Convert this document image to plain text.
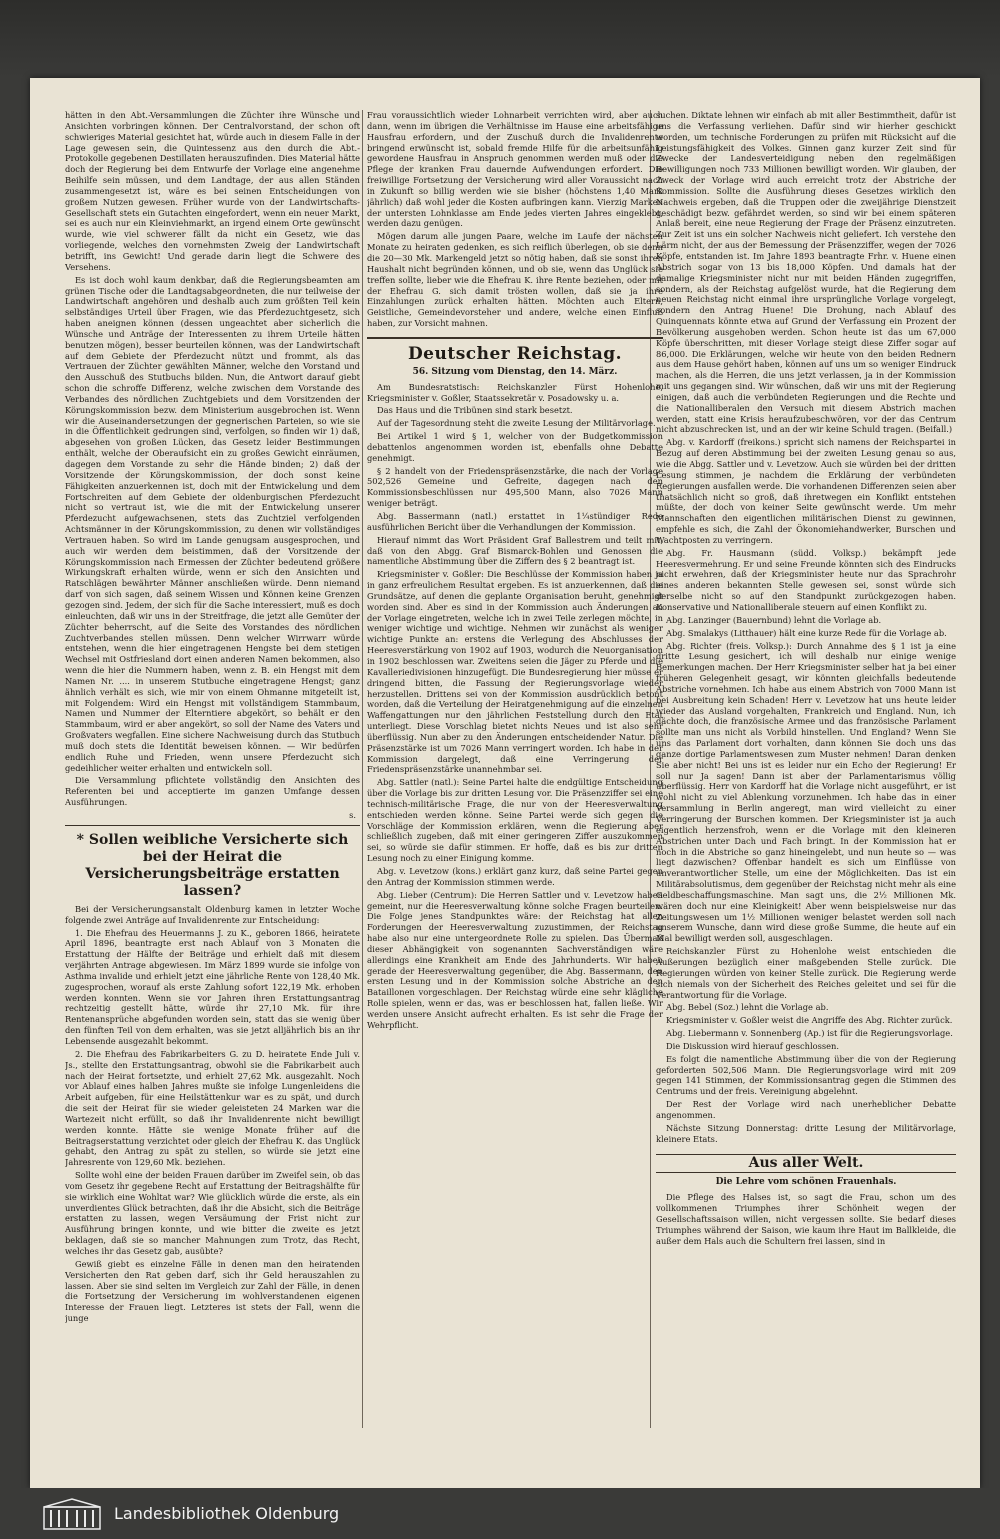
hätten in den Abt.-Versammlungen die Züchter ihre Wünsche und Ansichten vorbringen können. Der Centralvorstand, der schon oft schwieriges Material gesichtet hat, würde auch in diesem Falle in der Lage gewesen sein, die Quintessenz aus den durch die Abt.-Protokolle gegebenen Destillaten herauszufinden. Dies Material hätte doch der Regierung bei dem Entwurfe der Vorlage eine angenehme Beihilfe sein müssen, und dem Landtage, der aus allen Ständen zusammengesetzt ist, wäre es bei seinen Entscheidungen von großem Nutzen gewesen. Früher wurde von der Landwirtschafts-Gesellschaft stets ein Gutachten eingefordert, wenn ein neuer Markt, sei es auch nur ein Kleinviehmarkt, an irgend einem Orte gewünscht wurde, wie viel schwerer fällt da nicht ein Gesetz, wie das vorliegende, welches den vornehmsten Zweig der Landwirtschaft betrifft, ins Gewicht! Und gerade darin liegt die Schwere des Versehens.

Es ist doch wohl kaum denkbar, daß die Regierungsbeamten am grünen Tische oder die Landtagsabgeordneten, die nur teilweise der Landwirtschaft angehören und deshalb auch zum größten Teil kein selbständiges Urteil über Fragen, wie das Pferdezuchtgesetz, sich haben aneignen können (dessen ungeachtet aber sicherlich die Wünsche und Anträge der Interessenten zu ihrem Urteile hätten benutzen mögen), besser beurteilen können, was der Landwirtschaft auf dem Gebiete der Pferdezucht nützt und frommt, als das Vertrauen der Züchter gewählten Männer, welche den Vorstand und den Ausschuß des Stutbuchs bilden. Nun, die Antwort darauf giebt schon die schroffe Differenz, welche zwischen dem Vorstande des Verbandes des nördlichen Zuchtgebiets und dem Vorsitzenden der Körungskommission bezw. dem Ministerium ausgebrochen ist. Wenn wir die Auseinandersetzungen der gegnerischen Parteien, so wie sie in die Öffentlichkeit gedrungen sind, verfolgen, so finden wir 1) daß, abgesehen von großen Lücken, das Gesetz leider Bestimmungen enthält, welche der Oberaufsicht ein zu großes Gewicht einräumen, dagegen dem Vorstande zu sehr die Hände binden; 2) daß der Vorsitzende der Körungskommission, der doch sonst keine Fähigkeiten anzuerkennen ist, doch mit der Entwickelung und dem Fortschreiten auf dem Gebiete der oldenburgischen Pferdezucht nicht so vertraut ist, wie die mit der Entwickelung unserer Pferdezucht aufgewachsenen, stets das Zuchtziel verfolgenden Achtsmänner in der Körungskommission, zu denen wir vollständiges Vertrauen haben. So wird im Lande genugsam ausgesprochen, und auch wir werden dem beistimmen, daß der Vorsitzende der Körungskommission nach Ermessen der Züchter bedeutend größere Wirkungskraft erhalten würde, wenn er sich den Ansichten und Ratschlägen bewährter Männer anschließen würde. Denn niemand darf von sich sagen, daß seinem Wissen und Können keine Grenzen gezogen sind. Jedem, der sich für die Sache interessiert, muß es doch einleuchten, daß wir uns in der Streitfrage, die jetzt alle Gemüter der Züchter beherrscht, auf die Seite des Vorstandes des nördlichen Zuchtverbandes stellen müssen. Denn welcher Wirrwarr würde entstehen, wenn die hier eingetragenen Hengste bei dem stetigen Wechsel mit Ostfriesland dort einen anderen Namen bekommen, also wenn die hier die Nummern haben, wenn z. B. ein Hengst mit dem Namen Nr. .... in unserem Stutbuche eingetragene Hengst; ganz ähnlich verhält es sich, wie mir von einem Ohmanne mitgeteilt ist, mit Folgendem: Wird ein Hengst mit vollständigem Stammbaum, Namen und Nummer der Elterntiere abgekört, so behält er den Stammbaum, wird er aber angekört, so soll der Name des Vaters und Großvaters wegfallen. Eine sichere Nachweisung durch das Stutbuch muß doch stets die Identität beweisen können. — Wir bedürfen endlich Ruhe und Frieden, wenn unsere Pferdezucht sich gedeihlicher weiter erhalten und entwickeln soll.

Die Versammlung pflichtete vollständig den Ansichten des Referenten bei und acceptierte im ganzen Umfange dessen Ausführungen.

s.
* Sollen weibliche Versicherte sich bei der Heirat die Versicherungsbeiträge erstatten lassen?

Bei der Versicherungsanstalt Oldenburg kamen in letzter Woche folgende zwei Anträge auf Invalidenrente zur Entscheidung:

1. Die Ehefrau des Heuermanns J. zu K., geboren 1866, heiratete April 1896, beantragte erst nach Ablauf von 3 Monaten die Erstattung der Hälfte der Beiträge und erhielt daß mit diesem verjährten Antrage abgewiesen. Im März 1899 wurde sie infolge von Asthma invalide und erhielt jetzt eine jährliche Rente von 128,40 Mk. zugesprochen, worauf als erste Zahlung sofort 122,19 Mk. erhoben werden konnten. Wenn sie vor Jahren ihren Erstattungsantrag rechtzeitig gestellt hätte, würde ihr 27,10 Mk. für ihre Rentenansprüche abgefunden worden sein, statt das sie wenig über den fünften Teil von dem erhalten, was sie jetzt alljährlich bis an ihr Lebensende ausgezahlt bekommt.

2. Die Ehefrau des Fabrikarbeiters G. zu D. heiratete Ende Juli v. Js., stellte den Erstattungsantrag, obwohl sie die Fabrikarbeit auch nach der Heirat fortsetzte, und erhielt 27,62 Mk. ausgezahlt. Noch vor Ablauf eines halben Jahres mußte sie infolge Lungenleidens die Arbeit aufgeben, für eine Heilstättenkur war es zu spät, und durch die seit der Heirat für sie wieder geleisteten 24 Marken war die Wartezeit nicht erfüllt, so daß ihr Invalidenrente nicht bewilligt werden konnte. Hätte sie wenige Monate früher auf die Beitragserstattung verzichtet oder gleich der Ehefrau K. das Unglück gehabt, den Antrag zu spät zu stellen, so würde sie jetzt eine Jahresrente von 129,60 Mk. beziehen.

Sollte wohl eine der beiden Frauen darüber im Zweifel sein, ob das vom Gesetz ihr gegebene Recht auf Erstattung der Beitragshälfte für sie wirklich eine Wohltat war? Wie glücklich würde die erste, als ein unverdientes Glück betrachten, daß ihr die Absicht, sich die Beiträge erstatten zu lassen, wegen Versäumung der Frist nicht zur Ausführung bringen konnte, und wie bitter die zweite es jetzt beklagen, daß sie so mancher Mahnungen zum Trotz, das Recht, welches ihr das Gesetz gab, ausübte?

Gewiß giebt es einzelne Fälle in denen man den heiratenden Versicherten den Rat geben darf, sich ihr Geld herauszahlen zu lassen. Aber sie sind selten im Vergleich zur Zahl der Fälle, in denen die Fortsetzung der Versicherung im wohlverstandenen eigenen Interesse der Frauen liegt. Letzteres ist stets der Fall, wenn die junge

Frau voraussichtlich wieder Lohnarbeit verrichten wird, aber auch dann, wenn im übrigen die Verhältnisse im Hause eine arbeitsfähige Hausfrau erfordern, und der Zuschuß durch die Invalidenrente bringend erwünscht ist, sobald fremde Hilfe für die arbeitsunfähig gewordene Hausfrau in Anspruch genommen werden muß oder die Pflege der kranken Frau dauernde Aufwendungen erfordert. Die freiwillige Fortsetzung der Versicherung wird aller Voraussicht nach in Zukunft so billig werden wie sie bisher (höchstens 1,40 Mark jährlich) daß wohl jeder die Kosten aufbringen kann. Vierzig Marken der untersten Lohnklasse am Ende jedes vierten Jahres eingeklebt, werden dazu genügen.

Mögen darum alle jungen Paare, welche im Laufe der nächsten Monate zu heiraten gedenken, es sich reiflich überlegen, ob sie denn die 20—30 Mk. Markengeld jetzt so nötig haben, daß sie sonst ihren Haushalt nicht begründen können, und ob sie, wenn das Unglück sie treffen sollte, lieber wie die Ehefrau K. ihre Rente beziehen, oder mit der Ehefrau G. sich damit trösten wollen, daß sie ja ihre Einzahlungen zurück erhalten hätten. Möchten auch Eltern, Geistliche, Gemeindevorsteher und andere, welche einen Einfluß haben, zur Vorsicht mahnen.

Deutscher Reichstag.
56. Sitzung vom Dienstag, den 14. März.

Am Bundesratstisch: Reichskanzler Fürst Hohenlohe, Kriegsminister v. Goßler, Staatssekretär v. Posadowsky u. a.

Das Haus und die Tribünen sind stark besetzt.

Auf der Tagesordnung steht die zweite Lesung der Militärvorlage.

Bei Artikel 1 wird § 1, welcher von der Budgetkommission debattenlos angenommen worden ist, ebenfalls ohne Debatte genehmigt.

§ 2 handelt von der Friedenspräsenzstärke, die nach der Vorlage 502,526 Gemeine und Gefreite, dagegen nach den Kommissionsbeschlüssen nur 495,500 Mann, also 7026 Mann weniger beträgt.

Abg. Bassermann (natl.) erstattet in 1¼stündiger Rede ausführlichen Bericht über die Verhandlungen der Kommission.

Hierauf nimmt das Wort Präsident Graf Ballestrem und teilt mit, daß von den Abgg. Graf Bismarck-Bohlen und Genossen die namentliche Abstimmung über die Ziffern des § 2 beantragt ist.

Kriegsminister v. Goßler: Die Beschlüsse der Kommission haben ja in ganz erfreulichem Resultat ergeben. Es ist anzuerkennen, daß die Grundsätze, auf denen die geplante Organisation beruht, genehmigt worden sind. Aber es sind in der Kommission auch Änderungen an der Vorlage eingetreten, welche ich in zwei Teile zerlegen möchte, in weniger wichtige und wichtige. Nehmen wir zunächst als weniger wichtige Punkte an: erstens die Verlegung des Abschlusses der Heeresverstärkung von 1902 auf 1903, wodurch die Neuorganisation in 1902 beschlossen war. Zweitens seien die Jäger zu Pferde und die Kavalleriedivisionen hinzugefügt. Die Bundesregierung hier müsse er dringend bitten, die Fassung der Regierungsvorlage wieder herzustellen. Drittens sei von der Kommission ausdrücklich betont worden, daß die Verteilung der Heiratgenehmigung auf die einzelnen Waffengattungen nur den jährlichen Feststellung durch den Etat unterliegt. Diese Vorschlag bietet nichts Neues und ist also sehr überflüssig. Nun aber zu den Änderungen entscheidender Natur. Die Präsenzstärke ist um 7026 Mann verringert worden. Ich habe in der Kommission dargelegt, daß eine Verringerung der Friedenspräsenzstärke unannehmbar sei.

Abg. Sattler (natl.): Seine Partei halte die endgültige Entscheidung über die Vorlage bis zur dritten Lesung vor. Die Präsenzziffer sei eine technisch-militärische Frage, die nur von der Heeresverwaltung entschieden werden könne. Seine Partei werde sich gegen die Vorschläge der Kommission erklären, wenn die Regierung aber schließlich zugeben, daß mit einer geringeren Ziffer auszukommen sei, so würde sie dafür stimmen. Er hoffe, daß es bis zur dritten Lesung noch zu einer Einigung komme.

Abg. v. Levetzow (kons.) erklärt ganz kurz, daß seine Partei gegen den Antrag der Kommission stimmen werde.

Abg. Lieber (Centrum): Die Herren Sattler und v. Levetzow haben gemeint, nur die Heeresverwaltung könne solche Fragen beurteilen. Die Folge jenes Standpunktes wäre: der Reichstag hat allen Forderungen der Heeresverwaltung zuzustimmen, der Reichstag habe also nur eine untergeordnete Rolle zu spielen. Das Übermaß dieser Abhängigkeit von sogenannten Sachverständigen wäre allerdings eine Krankheit am Ende des Jahrhunderts. Wir haben gerade der Heeresverwaltung gegenüber, die Abg. Bassermann, den ersten Lesung und in der Kommission solche Abstriche an den Bataillonen vorgeschlagen. Der Reichstag würde eine sehr klägliche Rolle spielen, wenn er das, was er beschlossen hat, fallen ließe. Wir werden unsere Ansicht aufrecht erhalten. Es ist sehr die Frage der Wehrpflicht.

suchen. Diktate lehnen wir einfach ab mit aller Bestimmtheit, dafür ist uns die Verfassung verliehen. Dafür sind wir hierher geschickt worden, um technische Forderungen zu prüfen mit Rücksicht auf die Leistungsfähigkeit des Volkes. Ginnen ganz kurzer Zeit sind für Zwecke der Landesverteidigung neben den regelmäßigen Bewilligungen noch 733 Millionen bewilligt worden. Wir glauben, der Zweck der Vorlage wird auch erreicht trotz der Abstriche der Kommission. Sollte die Ausführung dieses Gesetzes wirklich den Nachweis ergeben, daß die Truppen oder die zweijährige Dienstzeit geschädigt bezw. gefährdet werden, so sind wir bei einem späteren Anlaß bereit, eine neue Regierung der Frage der Präsenz einzutreten. Zur Zeit ist uns ein solcher Nachweis nicht geliefert. Ich verstehe den Lärm nicht, der aus der Bemessung der Präsenzziffer, wegen der 7026 Köpfe, entstanden ist. Im Jahre 1893 beantragte Frhr. v. Huene einen Abstrich sogar von 13 bis 18,000 Köpfen. Und damals hat der damalige Kriegsminister nicht nur mit beiden Händen zugegriffen, sondern, als der Reichstag aufgelöst wurde, hat die Regierung dem neuen Reichstag nicht einmal ihre ursprüngliche Vorlage vorgelegt, sondern den Antrag Huene! Die Drohung, nach Ablauf des Quinquennats könnte etwa auf Grund der Verfassung ein Prozent der Bevölkerung ausgehoben werden. Schon heute ist das um 67,000 Köpfe überschritten, mit dieser Vorlage steigt diese Ziffer sogar auf 86,000. Die Erklärungen, welche wir heute von den beiden Rednern aus dem Hause gehört haben, können auf uns um so weniger Eindruck machen, als die Herren, die uns jetzt verlassen, ja in der Kommission mit uns gegangen sind. Wir wünschen, daß wir uns mit der Regierung einigen, daß auch die verbündeten Regierungen und die Rechte und die Nationalliberalen den Versuch mit diesem Abstrich machen werden, statt eine Krisis heraufzubeschwören, vor der das Centrum nicht abzuschrecken ist, und an der wir keine Schuld tragen. (Beifall.)

Abg. v. Kardorff (freikons.) spricht sich namens der Reichspartei in Bezug auf deren Abstimmung bei der zweiten Lesung genau so aus, wie die Abgg. Sattler und v. Levetzow. Auch sie würden bei der dritten Lesung stimmen, je nachdem die Erklärung der verbündeten Regierungen ausfallen werde. Die vorhandenen Differenzen seien aber thatsächlich nicht so groß, daß ihretwegen ein Konflikt entstehen müßte, der doch von keiner Seite gewünscht werde. Um mehr Mannschaften den eigentlichen militärischen Dienst zu gewinnen, empfehle es sich, die Zahl der Ökonomiehandwerker, Burschen und Wachtposten zu verringern.

Abg. Fr. Hausmann (südd. Volksp.) bekämpft jede Heeresvermehrung. Er und seine Freunde könnten sich des Eindrucks nicht erwehren, daß der Kriegsminister heute nur das Sprachrohr eines anderen bekannten Stelle gewesen sei, sonst würde sich derselbe nicht so auf den Standpunkt zurückgezogen haben. Konservative und Nationalliberale steuern auf einen Konflikt zu.

Abg. Lanzinger (Bauernbund) lehnt die Vorlage ab.

Abg. Smalakys (Litthauer) hält eine kurze Rede für die Vorlage ab.

Abg. Richter (freis. Volksp.): Durch Annahme des § 1 ist ja eine dritte Lesung gesichert, ich will deshalb nur einige wenige Bemerkungen machen. Der Herr Kriegsminister selber hat ja bei einer früheren Gelegenheit gesagt, wir könnten gleichfalls bedeutende Abstriche vornehmen. Ich habe aus einem Abstrich von 7000 Mann ist bei Ausbreitung kein Schaden! Herr v. Levetzow hat uns heute leider wieder das Ausland vorgehalten, Frankreich und England. Nun, ich dächte doch, die französische Armee und das französische Parlament sollte man uns nicht als Vorbild hinstellen. Und England? Wenn Sie uns das Parlament dort vorhalten, dann können Sie doch uns das ganze dortige Parlamentswesen zum Muster nehmen! Daran denken Sie aber nicht! Bei uns ist es leider nur ein Echo der Regierung! Er soll nur Ja sagen! Dann ist aber der Parlamentarismus völlig überflüssig. Herr von Kardorff hat die Vorlage nicht ausgeführt, er ist wohl nicht zu viel Ablenkung vorzunehmen. Ich habe das in einer Versammlung in Berlin angeregt, man wird vielleicht zu einer Verringerung der Burschen kommen. Der Kriegsminister ist ja auch eigentlich herzensfroh, wenn er die Vorlage mit den kleineren Abstrichen unter Dach und Fach bringt. In der Kommission hat er noch in die Abstriche so ganz hineingelebt, und nun heute so — was liegt dazwischen? Offenbar handelt es sich um Einflüsse von unverantwortlicher Stelle, um eine der Möglichkeiten. Das ist ein Militärabsolutismus, dem gegenüber der Reichstag nicht mehr als eine Geldbeschaffungsmaschine. Man sagt uns, die 2½ Millionen Mk. wären doch nur eine Kleinigkeit! Aber wenn beispielsweise nur das Zeitungswesen um 1½ Millionen weniger belastet werden soll nach unserem Wunsche, dann wird diese große Summe, die heute auf ein Mal bewilligt werden soll, ausgeschlagen.

Reichskanzler Fürst zu Hohenlohe weist entschieden die Äußerungen bezüglich einer maßgebenden Stelle zurück. Die Regierungen würden von keiner Stelle zurück. Die Regierung werde sich niemals von der Sicherheit des Reiches geleitet und sei für die Verantwortung für die Vorlage.

Abg. Bebel (Soz.) lehnt die Vorlage ab.

Kriegsminister v. Goßler weist die Angriffe des Abg. Richter zurück.

Abg. Liebermann v. Sonnenberg (Ap.) ist für die Regierungsvorlage.

Die Diskussion wird hierauf geschlossen.

Es folgt die namentliche Abstimmung über die von der Regierung geforderten 502,506 Mann. Die Regierungsvorlage wird mit 209 gegen 141 Stimmen, der Kommissionsantrag gegen die Stimmen des Centrums und der freis. Vereinigung abgelehnt.

Der Rest der Vorlage wird nach unerheblicher Debatte angenommen.

Nächste Sitzung Donnerstag: dritte Lesung der Militärvorlage, kleinere Etats.

Aus aller Welt.
Die Lehre vom schönen Frauenhals.

Die Pflege des Halses ist, so sagt die Frau, schon um des vollkommenen Triumphes ihrer Schönheit wegen der Gesellschaftssaison willen, nicht vergessen sollte. Sie bedarf dieses Triumphes während der Saison, wie kaum ihre Haut im Ballkleide, die außer dem Hals auch die Schultern frei lassen, sind in

Landesbibliothek Oldenburg
